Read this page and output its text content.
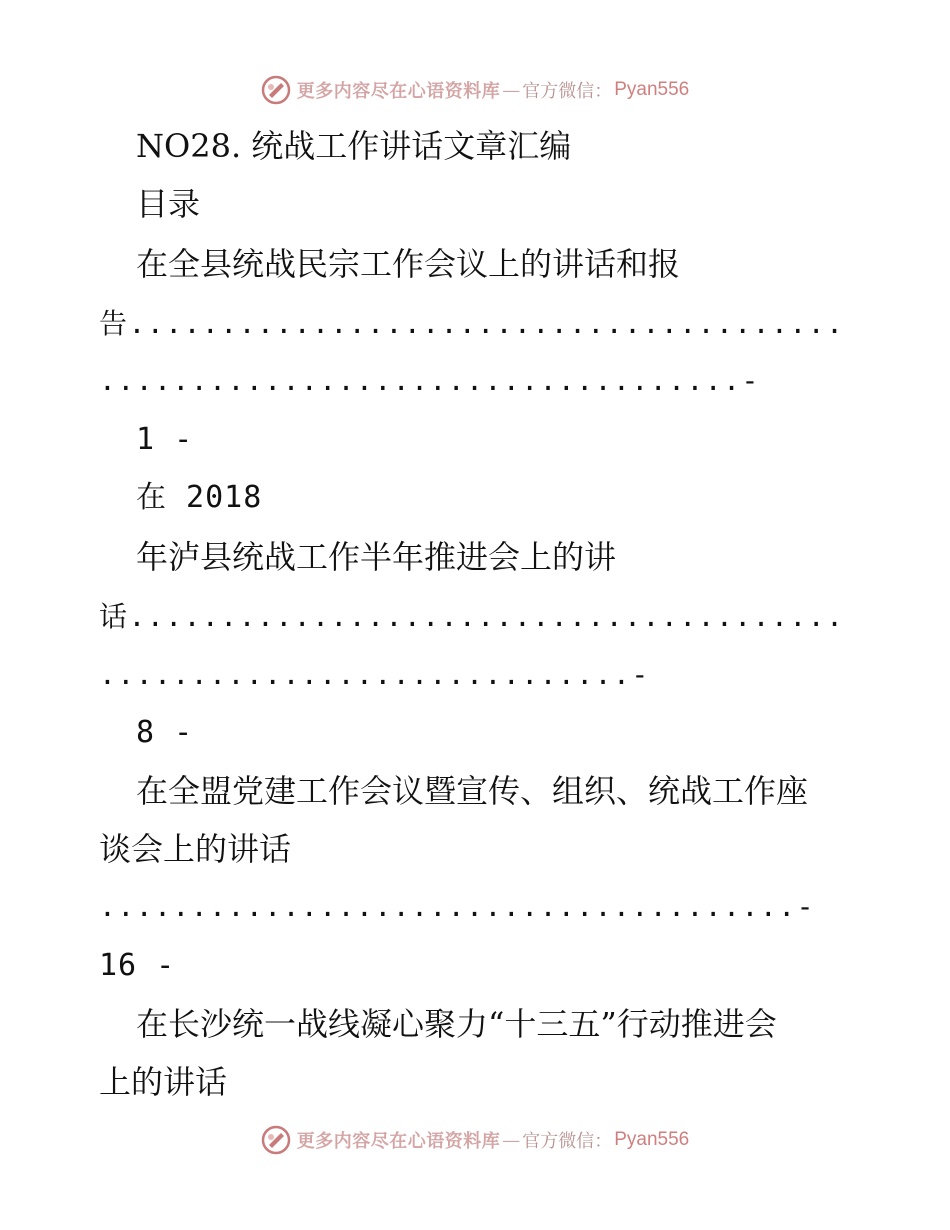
更多内容尽在心语资料库 — 官方微信： Pyan556
NO28. 统战工作讲话文章汇编
目录
在全县统战民宗工作会议上的讲话和报
告.......................................
...................................-
1 -
在 2018
年泸县统战工作半年推进会上的讲
话.......................................
.............................-
8 -
在全盟党建工作会议暨宣传、组织、统战工作座
谈会上的讲话
......................................-
16 -
在长沙统一战线凝心聚力“十三五”行动推进会
上的讲话
更多内容尽在心语资料库 — 官方微信： Pyan556
